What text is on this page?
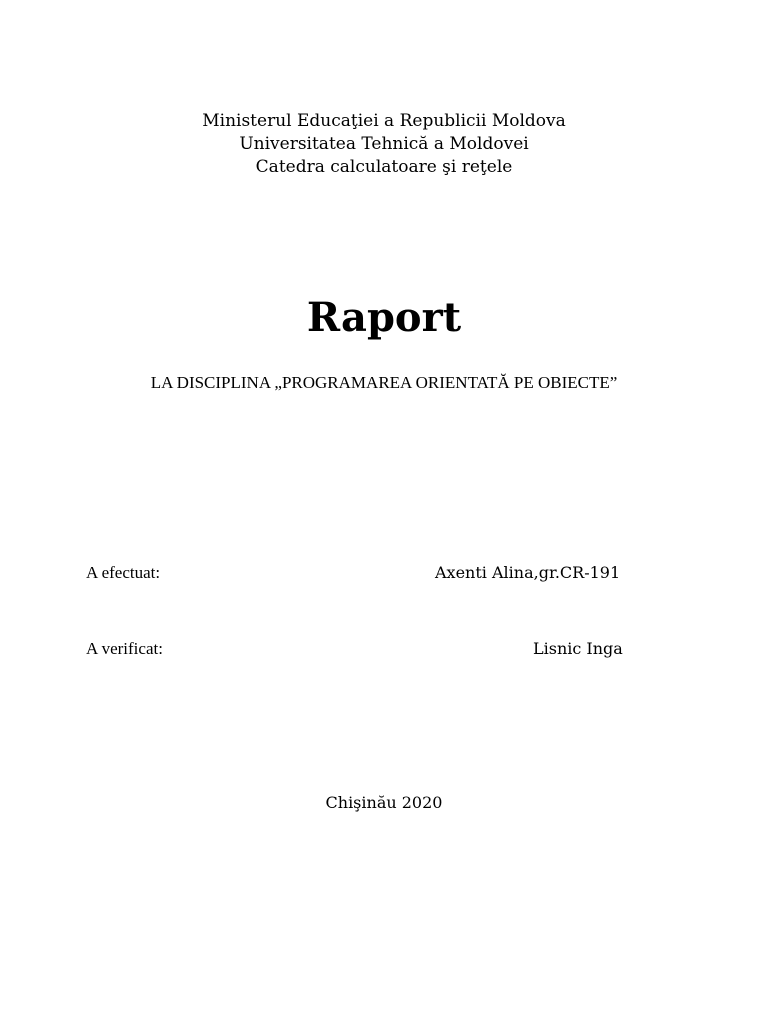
Ministerul Educaţiei a Republicii Moldova
Universitatea Tehnică a Moldovei
Catedra calculatoare şi reţele
Raport
LA DISCIPLINA „PROGRAMAREA ORIENTATĂ PE OBIECTE”
A efectuat:	Axenti Alina,gr.CR-191
A verificat:	Lisnic Inga
Chişinău 2020
